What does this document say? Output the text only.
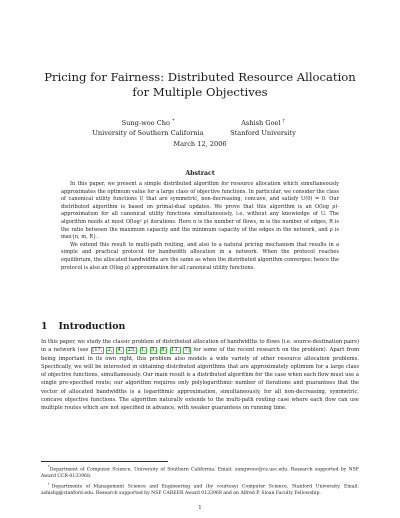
Pricing for Fairness: Distributed Resource Allocation for Multiple Objectives
Sung-woo Cho *
University of Southern California
Ashish Goel †
Stanford University
March 12, 2006
Abstract

In this paper, we present a simple distributed algorithm for resource allocation which simultaneously approximates the optimum value for a large class of objective functions. In particular, we consider the class of canonical utility functions U that are symmetric, non-decreasing, concave, and satisfy U(0) = 0. Our distributed algorithm is based on primal-dual updates. We prove that this algorithm is an O(log ρ)-approximation for all canonical utility functions simultaneously, i.e. without any knowledge of U. The algorithm needs at most O(log² ρ) iterations. Here n is the number of flows, m is the number of edges, R is the ratio between the maximum capacity and the minimum capacity of the edges in the network, and ρ is max{n, m, R}.

We extend this result to multi-path routing, and also to a natural pricing mechanism that results in a simple and practical protocol for bandwidth allocation in a network. When the protocol reaches equilibrium, the allocated bandwidths are the same as when the distributed algorithm converges; hence the protocol is also an O(log ρ) approximation for all canonical utility functions.

1 Introduction

In this paper, we study the classic problem of distributed allocation of bandwidths to flows (i.e. source-destination pairs) in a network (see [17, 2, 4, 25, 1, 5, 8, 11, 7] for some of the recent research on the problem). Apart from being important in its own right, this problem also models a wide variety of other resource allocation problems. Specifically, we will be interested in obtaining distributed algorithms that are approximately optimum for a large class of objective functions, simultaneously. Our main result is a distributed algorithm for the case when each flow must use a single pre-specified route; our algorithm requires only polylogarithmic number of iterations and guarantees that the vector of allocated bandwidths is a logarithmic approximation, simultaneously, for all non-decreasing, symmetric, concave objective functions. The algorithm naturally extends to the multi-path routing case where each flow can use multiple routes which are not specified in advance, with weaker guarantees on running time.

*Department of Computer Science, University of Southern California. Email: sungwooc@cs.usc.edu. Research supported by NSF Award CCR-0133968.

†Departments of Management Science and Engineering and (by courtesy) Computer Science, Stanford University. Email: ashishg@stanford.edu. Research supported by NSF CAREER Award 0133968 and an Alfred P. Sloan Faculty Fellowship.

1
